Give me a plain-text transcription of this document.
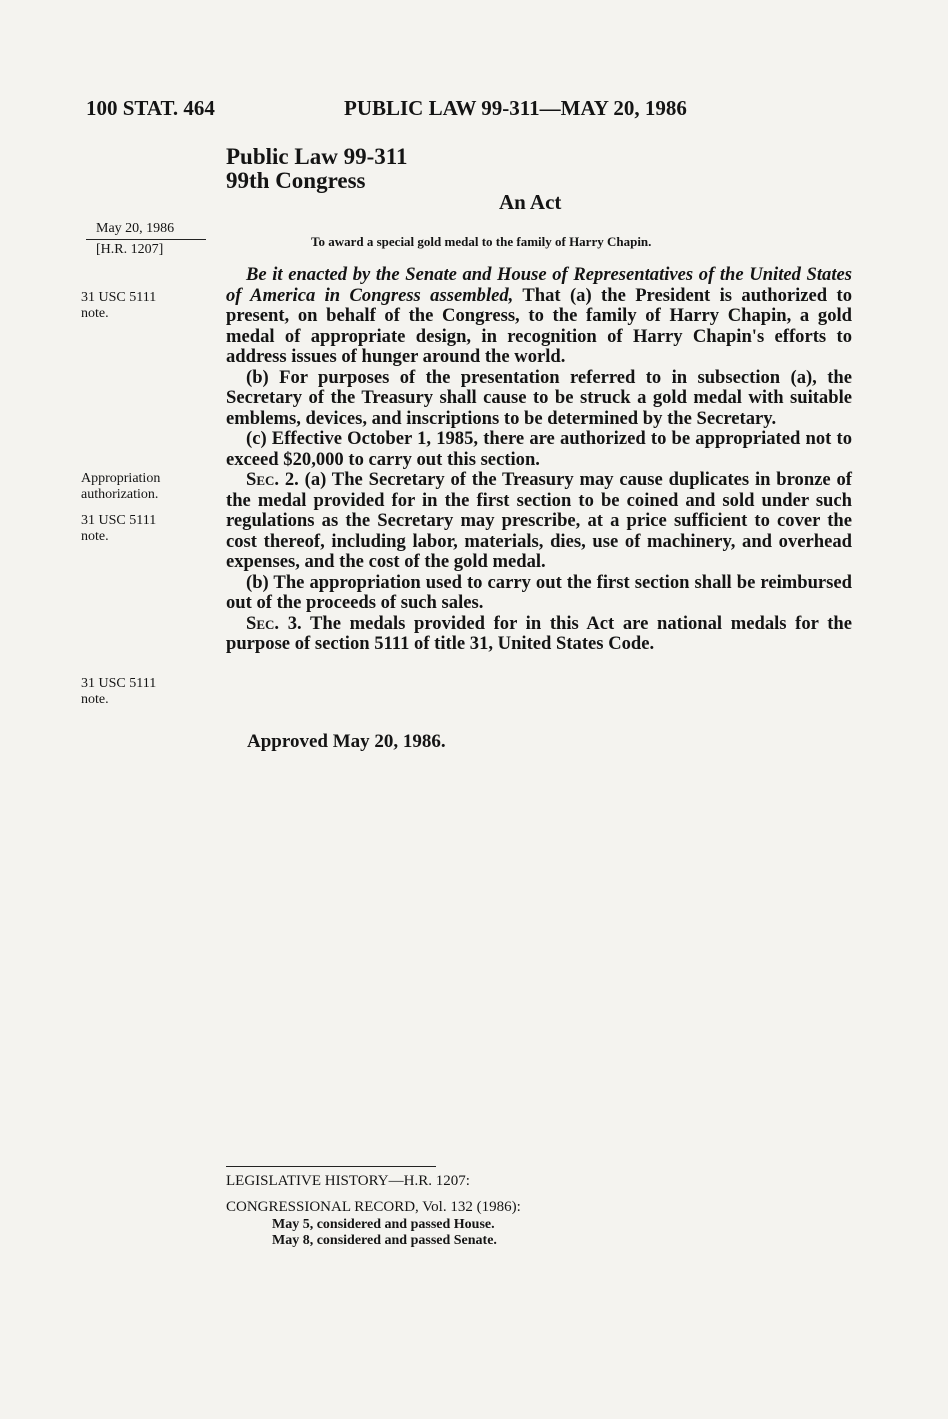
100 STAT. 464	PUBLIC LAW 99-311—MAY 20, 1986
Public Law 99-311
99th Congress
An Act
May 20, 1986
[H.R. 1207]
To award a special gold medal to the family of Harry Chapin.
31 USC 5111
note.
Appropriation
authorization.
31 USC 5111
note.
31 USC 5111
note.

Be it enacted by the Senate and House of Representatives of the United States of America in Congress assembled, That (a) the President is authorized to present, on behalf of the Congress, to the family of Harry Chapin, a gold medal of appropriate design, in recognition of Harry Chapin's efforts to address issues of hunger around the world.

(b) For purposes of the presentation referred to in subsection (a), the Secretary of the Treasury shall cause to be struck a gold medal with suitable emblems, devices, and inscriptions to be determined by the Secretary.

(c) Effective October 1, 1985, there are authorized to be appropriated not to exceed $20,000 to carry out this section.

Sec. 2. (a) The Secretary of the Treasury may cause duplicates in bronze of the medal provided for in the first section to be coined and sold under such regulations as the Secretary may prescribe, at a price sufficient to cover the cost thereof, including labor, materials, dies, use of machinery, and overhead expenses, and the cost of the gold medal.

(b) The appropriation used to carry out the first section shall be reimbursed out of the proceeds of such sales.

Sec. 3. The medals provided for in this Act are national medals for the purpose of section 5111 of title 31, United States Code.

Approved May 20, 1986.
LEGISLATIVE HISTORY—H.R. 1207:
CONGRESSIONAL RECORD, Vol. 132 (1986):
May 5, considered and passed House.
May 8, considered and passed Senate.
